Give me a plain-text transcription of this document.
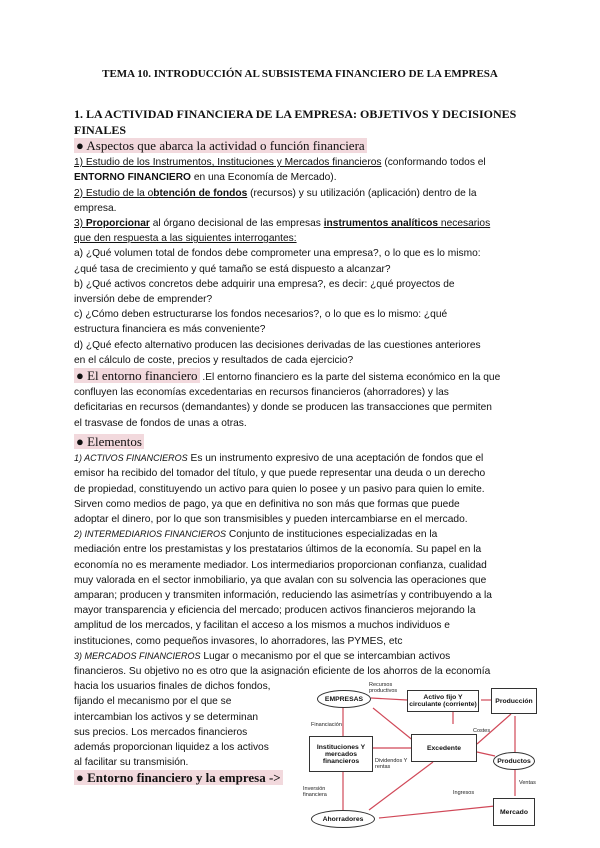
TEMA 10. INTRODUCCIÓN AL SUBSISTEMA FINANCIERO DE LA EMPRESA
1. LA ACTIVIDAD FINANCIERA DE LA EMPRESA: OBJETIVOS Y DECISIONES FINALES
● Aspectos que abarca la actividad o función financiera
1) Estudio de los Instrumentos, Instituciones y Mercados financieros (conformando todos el
ENTORNO FINANCIERO en una Economía de Mercado).
2) Estudio de la obtención de fondos (recursos) y su utilización (aplicación) dentro de la
empresa.
3) Proporcionar al órgano decisional de las empresas instrumentos analíticos necesarios
que den respuesta a las siguientes interrogantes:
a) ¿Qué volumen total de fondos debe comprometer una empresa?, o lo que es lo mismo:
¿qué tasa de crecimiento y qué tamaño se está dispuesto a alcanzar?
b) ¿Qué activos concretos debe adquirir una empresa?, es decir: ¿qué proyectos de
inversión debe de emprender?
c) ¿Cómo deben estructurarse los fondos necesarios?, o lo que es lo mismo: ¿qué
estructura financiera es más conveniente?
d) ¿Qué efecto alternativo producen las decisiones derivadas de las cuestiones anteriores
en el cálculo de coste, precios y resultados de cada ejercicio?
● El entorno financiero .El entorno financiero es la parte del sistema económico en la que
confluyen las economías excedentarias en recursos financieros (ahorradores) y las
deficitarias en recursos (demandantes) y donde se producen las transacciones que permiten
el trasvase de fondos de unas a otras.
● Elementos
1) ACTIVOS FINANCIEROS Es un instrumento expresivo de una aceptación de fondos que el
emisor ha recibido del tomador del título, y que puede representar una deuda o un derecho
de propiedad, constituyendo un activo para quien lo posee y un pasivo para quien lo emite.
Sirven como medios de pago, ya que en definitiva no son más que formas que puede
adoptar el dinero, por lo que son transmisibles y pueden intercambiarse en el mercado.
2) INTERMEDIARIOS FINANCIEROS Conjunto de instituciones especializadas en la
mediación entre los prestamistas y los prestatarios últimos de la economía. Su papel en la
economía no es meramente mediador. Los intermediarios proporcionan confianza, cualidad
muy valorada en el sector inmobiliario, ya que avalan con su solvencia las operaciones que
amparan; producen y transmiten información, reduciendo las asimetrías y contribuyendo a la
mayor transparencia y eficiencia del mercado; producen activos financieros mejorando la
amplitud de los mercados, y facilitan el acceso a los mismos a muchos individuos e
instituciones, como pequeños invasores, lo ahorradores, las PYMES, etc
3) MERCADOS FINANCIEROS Lugar o mecanismo por el que se intercambian activos
financieros. Su objetivo no es otro que la asignación eficiente de los ahorros de la economía
hacia los usuarios finales de dichos fondos,
fijando el mecanismo por el que se
intercambian los activos y se determinan
sus precios. Los mercados financieros
además proporcionan liquidez a los activos
al facilitar su transmisión.
● Entorno financiero y la empresa ->
EMPRESAS	Activo fijo Y circulante (corriente)	Producción
Instituciones Y mercados financieros
Excedente
Productos
Ahorradores
Mercado
Recursos productivos
Financiación
Costes
Dividendos Y rentas
Inversión financiera	Ingresos
Ventas
